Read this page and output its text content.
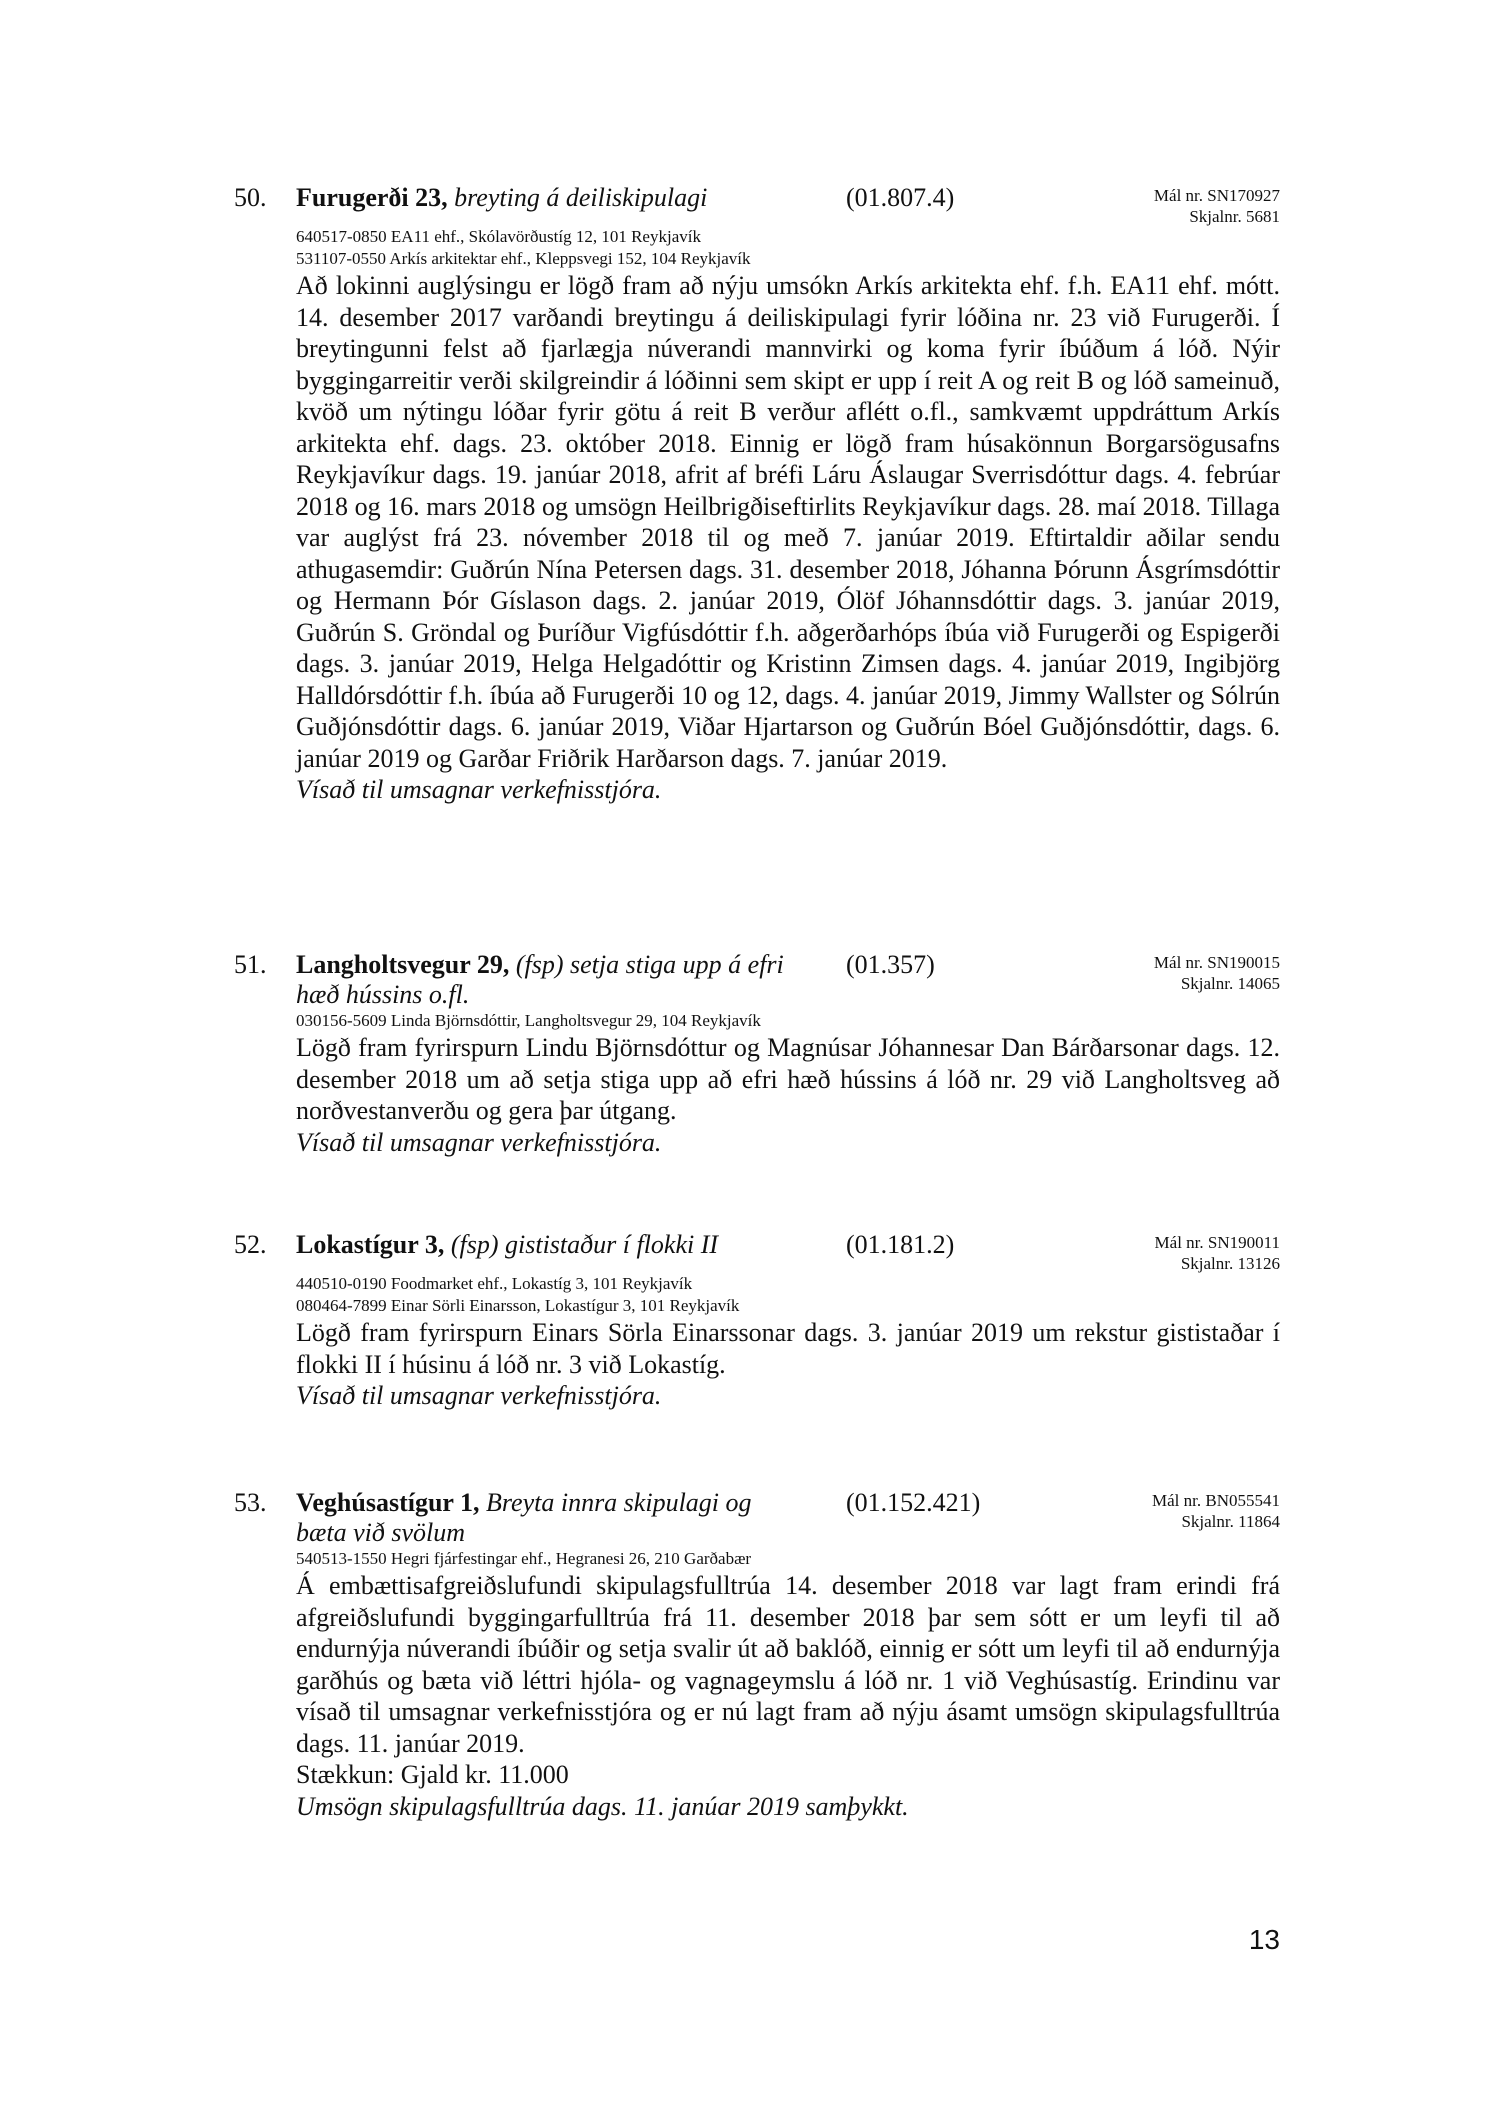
50. Furugerði 23, breyting á deiliskipulagi	(01.807.4)	Mál nr. SN170927
Skjalnr. 5681
640517-0850 EA11 ehf., Skólavörðustíg 12, 101 Reykjavík
531107-0550 Arkís arkitektar ehf., Kleppsvegi 152, 104 Reykjavík

Að lokinni auglýsingu er lögð fram að nýju umsókn Arkís arkitekta ehf. f.h. EA11 ehf. mótt. 14. desember 2017 varðandi breytingu á deiliskipulagi fyrir lóðina nr. 23 við Furugerði. Í breytingunni felst að fjarlægja núverandi mannvirki og koma fyrir íbúðum á lóð. Nýir byggingarreitir verði skilgreindir á lóðinni sem skipt er upp í reit A og reit B og lóð sameinuð, kvöð um nýtingu lóðar fyrir götu á reit B verður aflétt o.fl., samkvæmt uppdráttum Arkís arkitekta ehf. dags. 23. október 2018. Einnig er lögð fram húsakönnun Borgarsögusafns Reykjavíkur dags. 19. janúar 2018, afrit af bréfi Láru Áslaugar Sverrisdóttur dags. 4. febrúar 2018 og 16. mars 2018 og umsögn Heilbrigðiseftirlits Reykjavíkur dags. 28. maí 2018. Tillaga var auglýst frá 23. nóvember 2018 til og með 7. janúar 2019. Eftirtaldir aðilar sendu athugasemdir: Guðrún Nína Petersen dags. 31. desember 2018, Jóhanna Þórunn Ásgrímsdóttir og Hermann Þór Gíslason dags. 2. janúar 2019, Ólöf Jóhannsdóttir dags. 3. janúar 2019, Guðrún S. Gröndal og Þuríður Vigfúsdóttir f.h. aðgerðarhóps íbúa við Furugerði og Espigerði dags. 3. janúar 2019, Helga Helgadóttir og Kristinn Zimsen dags. 4. janúar 2019, Ingibjörg Halldórsdóttir f.h. íbúa að Furugerði 10 og 12, dags. 4. janúar 2019, Jimmy Wallster og Sólrún Guðjónsdóttir dags. 6. janúar 2019, Viðar Hjartarson og Guðrún Bóel Guðjónsdóttir, dags. 6. janúar 2019 og Garðar Friðrik Harðarson dags. 7. janúar 2019.

Vísað til umsagnar verkefnisstjóra.
51. Langholtsvegur 29, (fsp) setja stiga upp á efri hæð hússins o.fl.
(01.357)	Mál nr. SN190015
Skjalnr. 14065
030156-5609 Linda Björnsdóttir, Langholtsvegur 29, 104 Reykjavík

Lögð fram fyrirspurn Lindu Björnsdóttur og Magnúsar Jóhannesar Dan Bárðarsonar dags. 12. desember 2018 um að setja stiga upp að efri hæð hússins á lóð nr. 29 við Langholtsveg að norðvestanverðu og gera þar útgang.

Vísað til umsagnar verkefnisstjóra.
52. Lokastígur 3, (fsp) gististaður í flokki II	(01.181.2)	Mál nr. SN190011
Skjalnr. 13126
440510-0190 Foodmarket ehf., Lokastíg 3, 101 Reykjavík
080464-7899 Einar Sörli Einarsson, Lokastígur 3, 101 Reykjavík

Lögð fram fyrirspurn Einars Sörla Einarssonar dags. 3. janúar 2019 um rekstur gististaðar í flokki II í húsinu á lóð nr. 3 við Lokastíg.

Vísað til umsagnar verkefnisstjóra.
53. Veghúsastígur 1, Breyta innra skipulagi og bæta við svölum
(01.152.421)	Mál nr. BN055541
Skjalnr. 11864
540513-1550 Hegri fjárfestingar ehf., Hegranesi 26, 210 Garðabær

Á embættisafgreiðslufundi skipulagsfulltrúa 14. desember 2018 var lagt fram erindi frá afgreiðslufundi byggingarfulltrúa frá 11. desember 2018 þar sem sótt er um leyfi til að endurnýja núverandi íbúðir og setja svalir út að baklóð, einnig er sótt um leyfi til að endurnýja garðhús og bæta við léttri hjóla- og vagnageymslu á lóð nr. 1 við Veghúsastíg. Erindinu var vísað til umsagnar verkefnisstjóra og er nú lagt fram að nýju ásamt umsögn skipulagsfulltrúa dags. 11. janúar 2019.

Stækkun: Gjald kr. 11.000
Umsögn skipulagsfulltrúa dags. 11. janúar 2019 samþykkt.
13
